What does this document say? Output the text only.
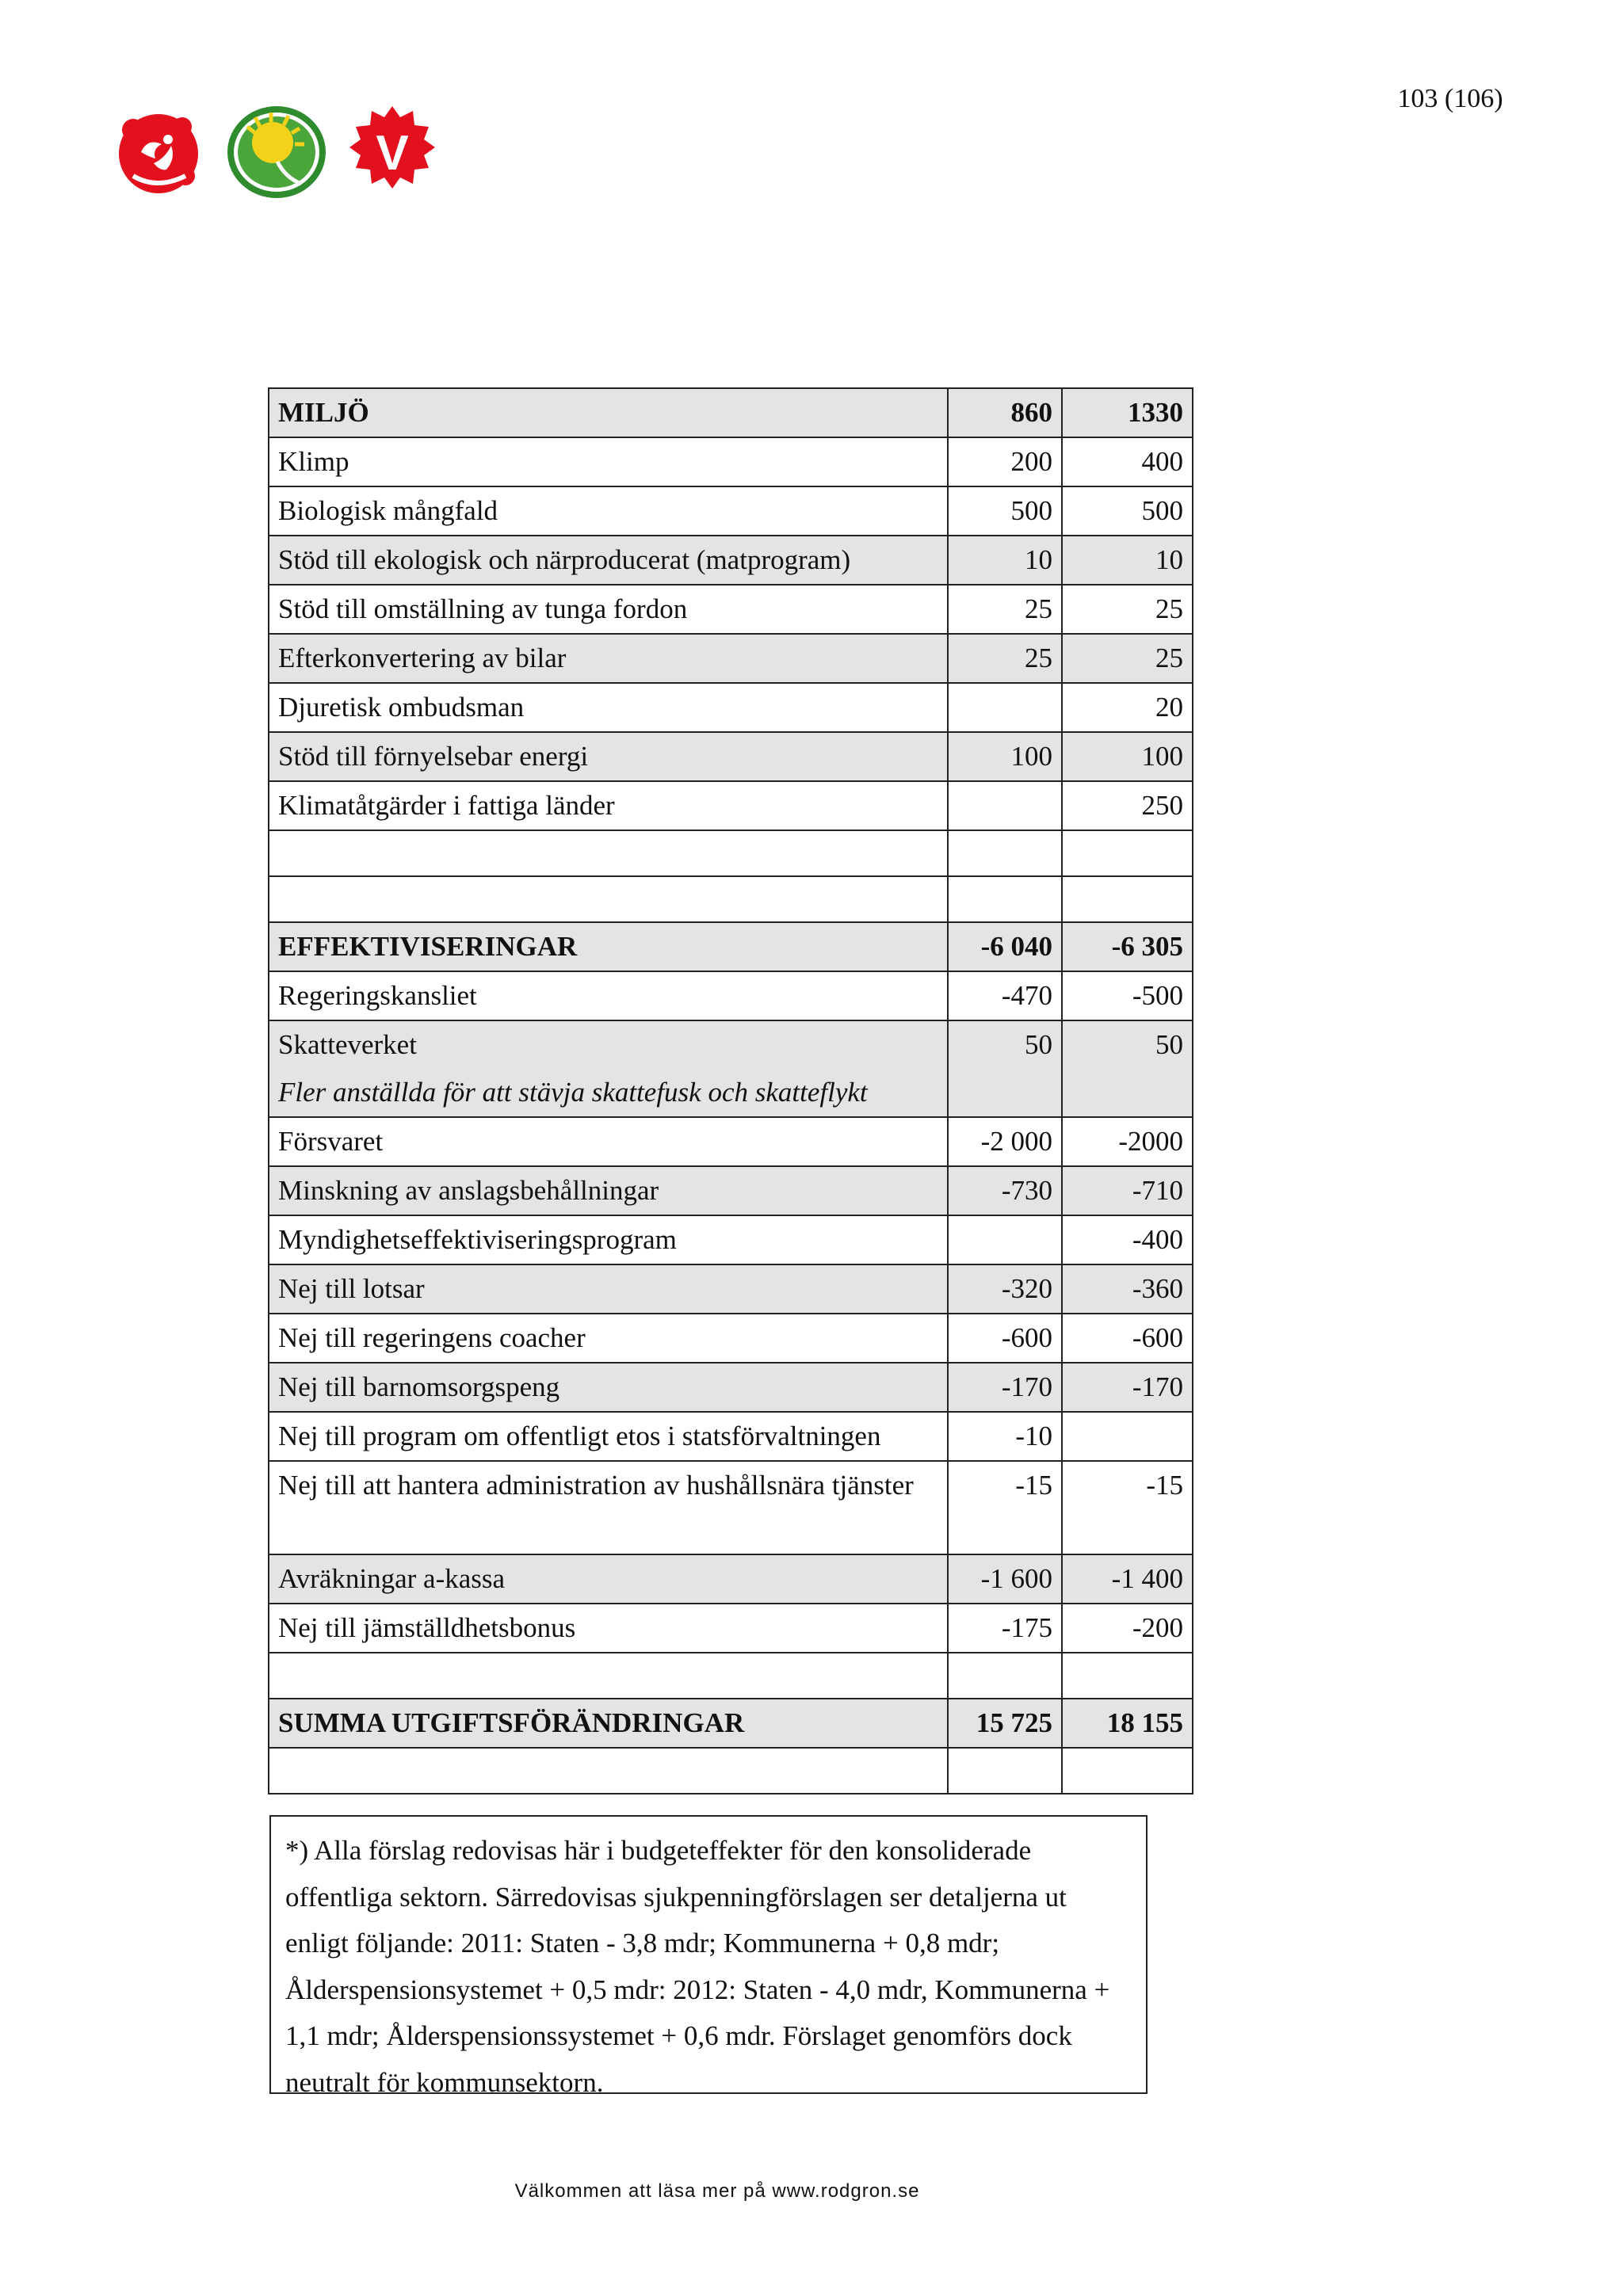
103 (106)
V
MILJÖ	860	1330
Klimp	200	400
Biologisk mångfald	500	500
Stöd till ekologisk och närproducerat (matprogram)	10	10
Stöd till omställning av tunga fordon	25	25
Efterkonvertering av bilar	25	25
Djuretisk ombudsman		20
Stöd till förnyelsebar energi	100	100
Klimatåtgärder i fattiga länder		250

EFFEKTIVISERINGAR	-6 040	-6 305
Regeringskansliet	-470	-500
Skatteverket
Fler anställda för att stävja skattefusk och skatteflykt	50	50
Försvaret	-2 000	-2000
Minskning av anslagsbehållningar	-730	-710
Myndighetseffektiviseringsprogram		-400
Nej till lotsar	-320	-360
Nej till regeringens coacher	-600	-600
Nej till barnomsorgspeng	-170	-170
Nej till program om offentligt etos i statsförvaltningen	-10	
Nej till att hantera administration av hushållsnära tjänster	-15	-15
Avräkningar a-kassa	-1 600	-1 400
Nej till jämställdhetsbonus	-175	-200

SUMMA UTGIFTSFÖRÄNDRINGAR	15 725	18 155

*) Alla förslag redovisas här i budgeteffekter för den konsoliderade offentliga sektorn. Särredovisas sjukpenningförslagen ser detaljerna ut enligt följande: 2011: Staten - 3,8 mdr; Kommunerna + 0,8 mdr; Ålderspensionsystemet + 0,5 mdr: 2012: Staten - 4,0 mdr, Kommunerna + 1,1 mdr; Ålderspensionssystemet + 0,6 mdr. Förslaget genomförs dock neutralt för kommunsektorn.
Välkommen att läsa mer på www.rodgron.se
